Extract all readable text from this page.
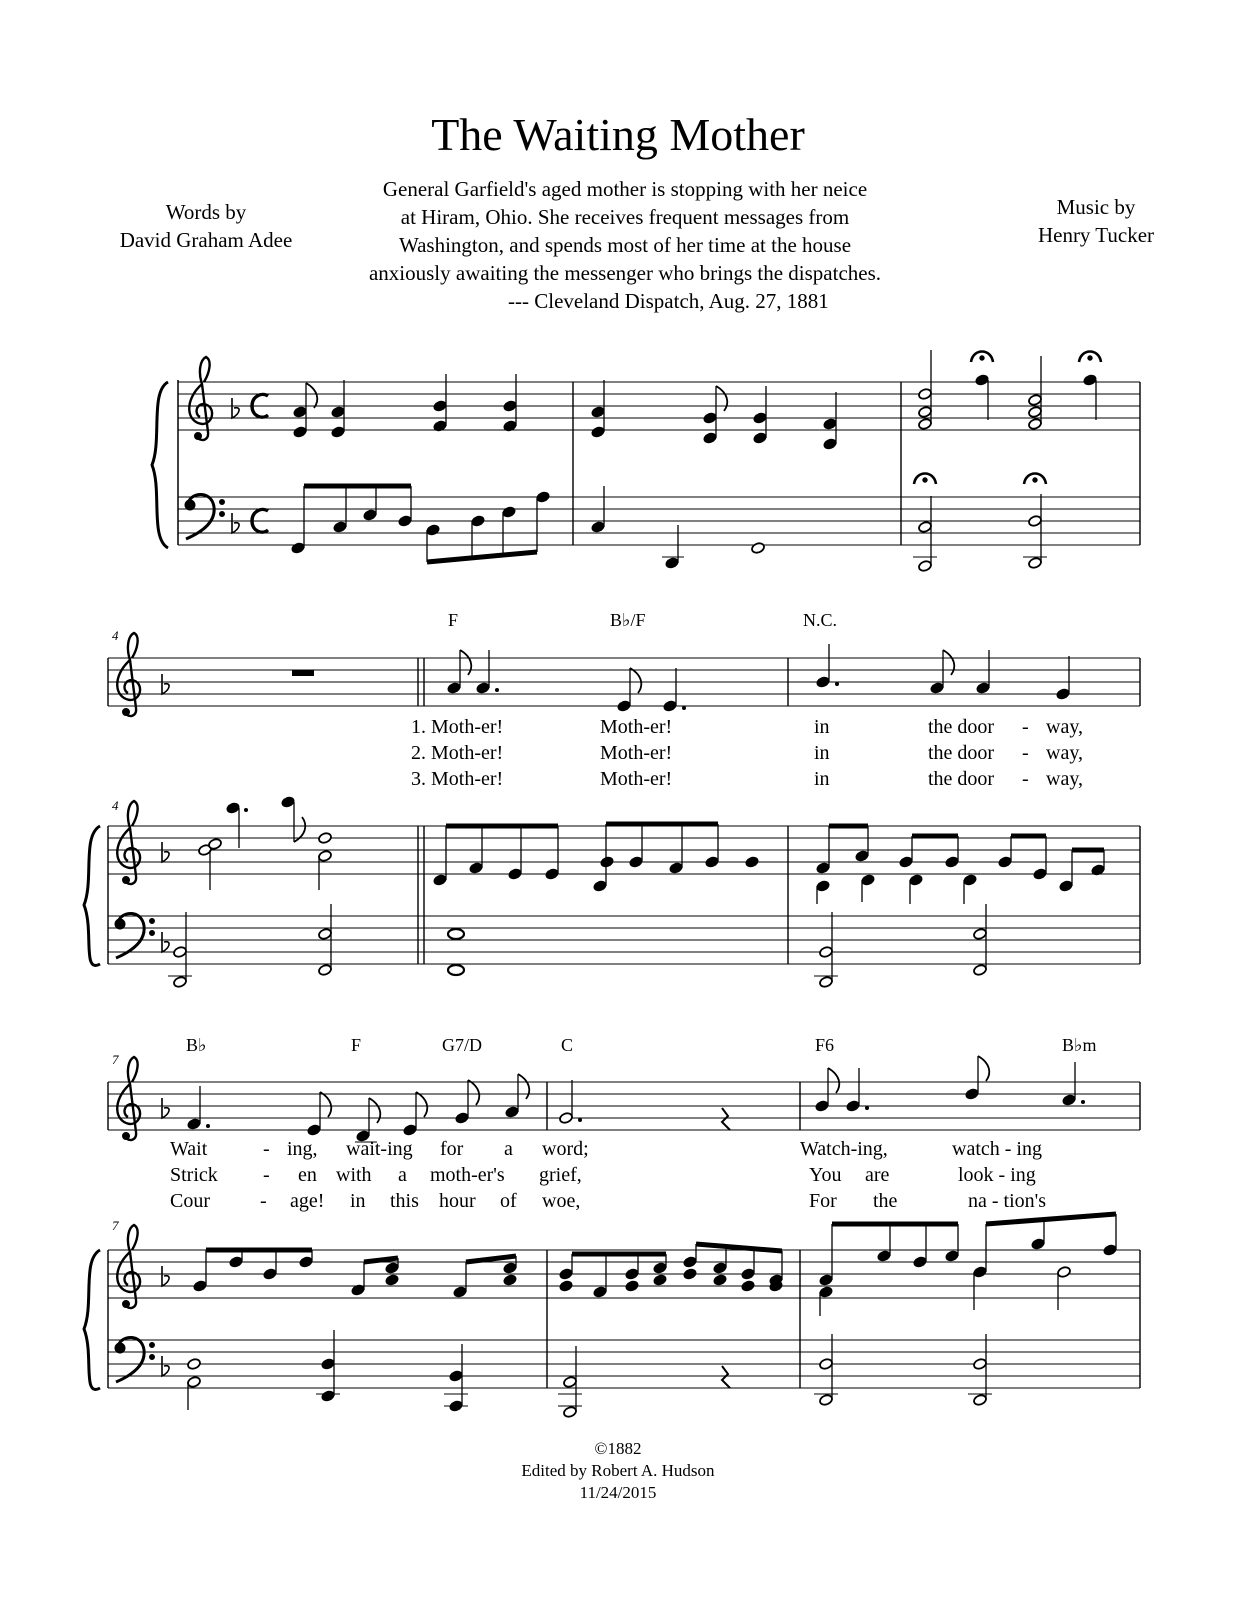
The Waiting Mother
Words by
David Graham Adee
Music by
Henry Tucker
General Garfield's aged mother is stopping with her neice
at Hiram, Ohio. She receives frequent messages from
Washington, and spends most of her time at the house
anxiously awaiting the messenger who brings the dispatches.
--- Cleveland Dispatch, Aug. 27, 1881
4
4
7
7
F	B♭/F	N.C.
1. Moth-er!	Moth-er!	in	the door - way,
2. Moth-er!	Moth-er!	in	the door - way,
3. Moth-er!	Moth-er!	in	the door - way,
B♭	F	G7/D	C	F6	B♭m
Wait	- ing, wait-ing for a word;	Watch-ing,	watch - ing
Strick - en with a moth-er's grief,	You are	look - ing
Cour	- age! in this hour of woe,	For the	na - tion's
©1882
Edited by Robert A. Hudson
11/24/2015
